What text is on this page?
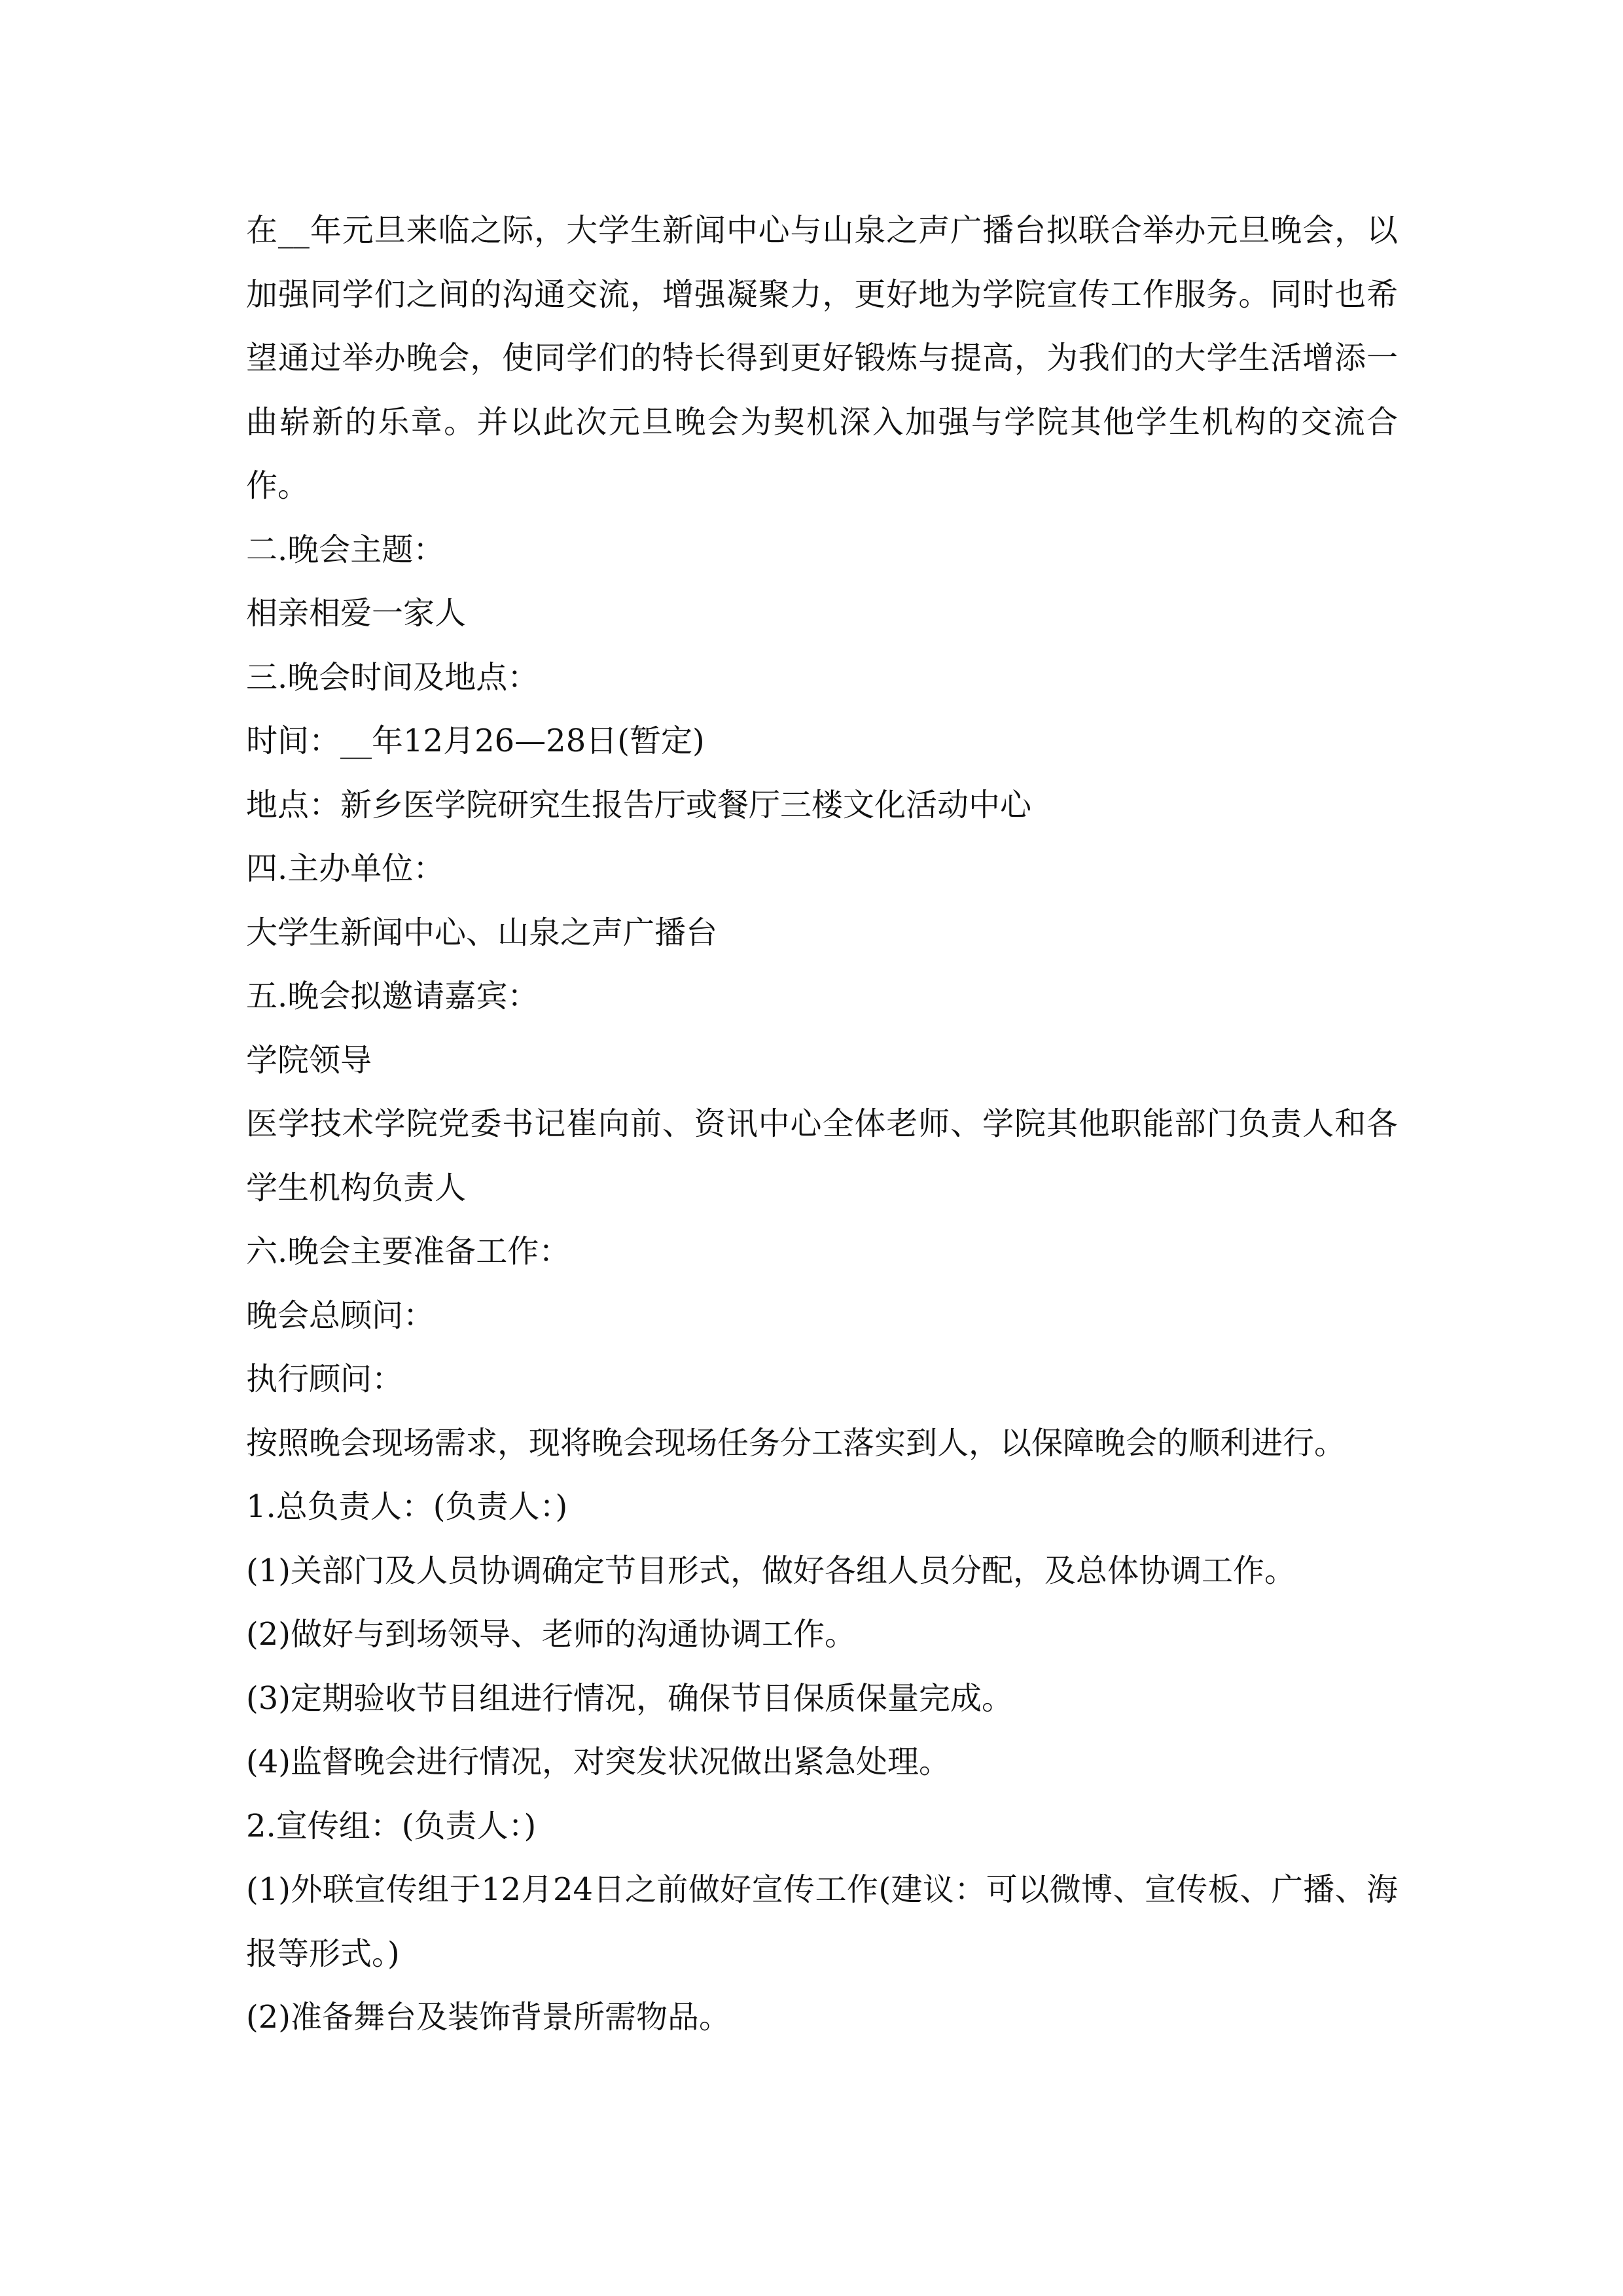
在__年元旦来临之际，大学生新闻中心与山泉之声广播台拟联合举办元旦晚会，以加强同学们之间的沟通交流，增强凝聚力，更好地为学院宣传工作服务。同时也希望通过举办晚会，使同学们的特长得到更好锻炼与提高，为我们的大学生活增添一曲崭新的乐章。并以此次元旦晚会为契机深入加强与学院其他学生机构的交流合作。

二.晚会主题：

相亲相爱一家人

三.晚会时间及地点：

时间：__年12月26—28日(暂定)

地点：新乡医学院研究生报告厅或餐厅三楼文化活动中心

四.主办单位：

大学生新闻中心、山泉之声广播台

五.晚会拟邀请嘉宾：

学院领导

医学技术学院党委书记崔向前、资讯中心全体老师、学院其他职能部门负责人和各学生机构负责人

六.晚会主要准备工作：

晚会总顾问：

执行顾问：

按照晚会现场需求，现将晚会现场任务分工落实到人，以保障晚会的顺利进行。

1.总负责人：(负责人：)

(1)关部门及人员协调确定节目形式，做好各组人员分配，及总体协调工作。

(2)做好与到场领导、老师的沟通协调工作。

(3)定期验收节目组进行情况，确保节目保质保量完成。

(4)监督晚会进行情况，对突发状况做出紧急处理。

2.宣传组：(负责人：)

(1)外联宣传组于12月24日之前做好宣传工作(建议：可以微博、宣传板、广播、海报等形式。)

(2)准备舞台及装饰背景所需物品。
